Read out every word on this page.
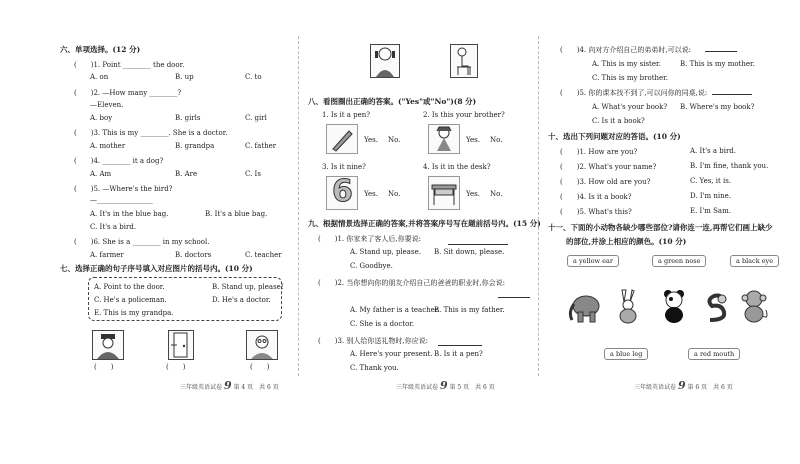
六、单项选择。(12 分)
(　　)1. Point ________ the door.
A. on	B. up	C. to
(　　)2. —How many ________?
—Eleven.
A. boy	B. girls	C. girl
(　　)3. This is my ________. She is a doctor.
A. mother	B. grandpa	C. father
(　　)4. ________ it a dog?
A. Am	B. Are	C. Is
(　　)5. —Where's the bird?
—________________
A. It's in the blue bag.	B. It's a blue bag.
C. It's a bird.
(　　)6. She is a ________ in my school.
A. farmer	B. doctors	C. teacher
七、选择正确的句子序号填入对应图片的括号内。(10 分)
A. Point to the door.	B. Stand up, please!
C. He's a policeman.	D. He's a doctor.
E. This is my grandpa.
(　　)	(　　)	(　　)
三年级英语试卷 9 第 4 页　共 6 页
八、看图圈出正确的答案。("Yes"或"No")(8 分)
1. Is it a pen?
Yes. No.
2. Is this your brother?
Yes. No.
3. Is it nine?
6 Yes. No.
4. Is it in the desk?
Yes. No.
九、根据情景选择正确的答案,并将答案序号写在题前括号内。(15 分)
(　　)1. 你家来了客人后,你要说:
A. Stand up, please. B. Sit down, please.
C. Goodbye.
(　　)2. 当你想向你的朋友介绍自己的爸爸的职业时,你会说:
A. My father is a teacher.
B. This is my father.
C. She is a doctor.
(　　)3. 别人给你送礼物时,你应说:
A. Here's your present. B. Is it a pen?
C. Thank you.
三年级英语试卷 9 第 5 页　共 6 页
(　　)4. 向对方介绍自己的弟弟时,可以说:
A. This is my sister.	B. This is my mother.
C. This is my brother.
(　　)5. 你的课本找不到了,可以问你的同桌,说:
A. What's your book? B. Where's my book?
C. Is it a book?
十、选出下列问题对应的答语。(10 分)
(　　)1. How are you?	A. It's a bird.
(　　)2. What's your name?	B. I'm fine, thank you.
(　　)3. How old are you?	C. Yes, it is.
(　　)4. Is it a book?	D. I'm nine.
(　　)5. What's this?	E. I'm Sam.
十一、下面的小动物各缺少哪些部位?请你连一连,再帮它们画上缺少
的部位,并涂上相应的颜色。(10 分)
a yellow ear	a green nose	a black eye
a blue leg	a red mouth
三年级英语试卷 9 第 6 页　共 6 页
